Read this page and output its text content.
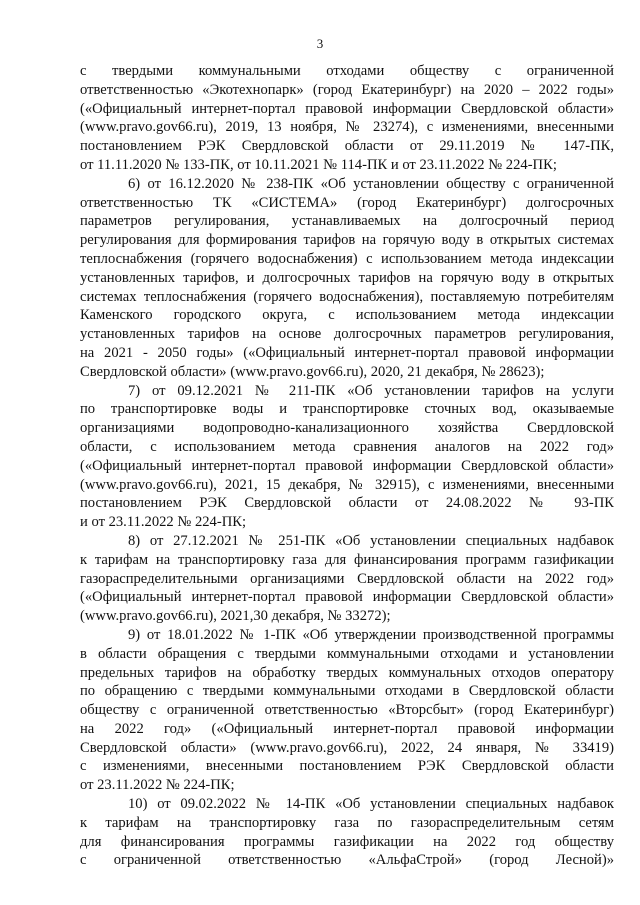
3
с твердыми коммунальными отходами обществу с ограниченной
ответственностью «Экотехнопарк» (город Екатеринбург) на 2020 – 2022 годы»
(«Официальный интернет-портал правовой информации Свердловской области»
(www.pravo.gov66.ru), 2019, 13 ноября, № 23274), с изменениями, внесенными
постановлением РЭК Свердловской области от 29.11.2019 № 147-ПК,
от 11.11.2020 № 133-ПК, от 10.11.2021 № 114-ПК и от 23.11.2022 № 224-ПК;
6) от 16.12.2020 № 238-ПК «Об установлении обществу с ограниченной
ответственностью ТК «СИСТЕМА» (город Екатеринбург) долгосрочных
параметров регулирования, устанавливаемых на долгосрочный период
регулирования для формирования тарифов на горячую воду в открытых системах
теплоснабжения (горячего водоснабжения) с использованием метода индексации
установленных тарифов, и долгосрочных тарифов на горячую воду в открытых
системах теплоснабжения (горячего водоснабжения), поставляемую потребителям
Каменского городского округа, с использованием метода индексации
установленных тарифов на основе долгосрочных параметров регулирования,
на 2021 - 2050 годы» («Официальный интернет-портал правовой информации
Свердловской области» (www.pravo.gov66.ru), 2020, 21 декабря, № 28623);
7) от 09.12.2021 № 211-ПК «Об установлении тарифов на услуги
по транспортировке воды и транспортировке сточных вод, оказываемые
организациями водопроводно-канализационного хозяйства Свердловской
области, с использованием метода сравнения аналогов на 2022 год»
(«Официальный интернет-портал правовой информации Свердловской области»
(www.pravo.gov66.ru), 2021, 15 декабря, № 32915), с изменениями, внесенными
постановлением РЭК Свердловской области от 24.08.2022 № 93-ПК
и от 23.11.2022 № 224-ПК;
8) от 27.12.2021 № 251-ПК «Об установлении специальных надбавок
к тарифам на транспортировку газа для финансирования программ газификации
газораспределительными организациями Свердловской области на 2022 год»
(«Официальный интернет-портал правовой информации Свердловской области»
(www.pravo.gov66.ru), 2021,30 декабря, № 33272);
9) от 18.01.2022 № 1-ПК «Об утверждении производственной программы
в области обращения с твердыми коммунальными отходами и установлении
предельных тарифов на обработку твердых коммунальных отходов оператору
по обращению с твердыми коммунальными отходами в Свердловской области
обществу с ограниченной ответственностью «Вторсбыт» (город Екатеринбург)
на 2022 год» («Официальный интернет-портал правовой информации
Свердловской области» (www.pravo.gov66.ru), 2022, 24 января, № 33419)
с изменениями, внесенными постановлением РЭК Свердловской области
от 23.11.2022 № 224-ПК;
10) от 09.02.2022 № 14-ПК «Об установлении специальных надбавок
к тарифам на транспортировку газа по газораспределительным сетям
для финансирования программы газификации на 2022 год обществу
с ограниченной ответственностью «АльфаСтрой» (город Лесной)»
